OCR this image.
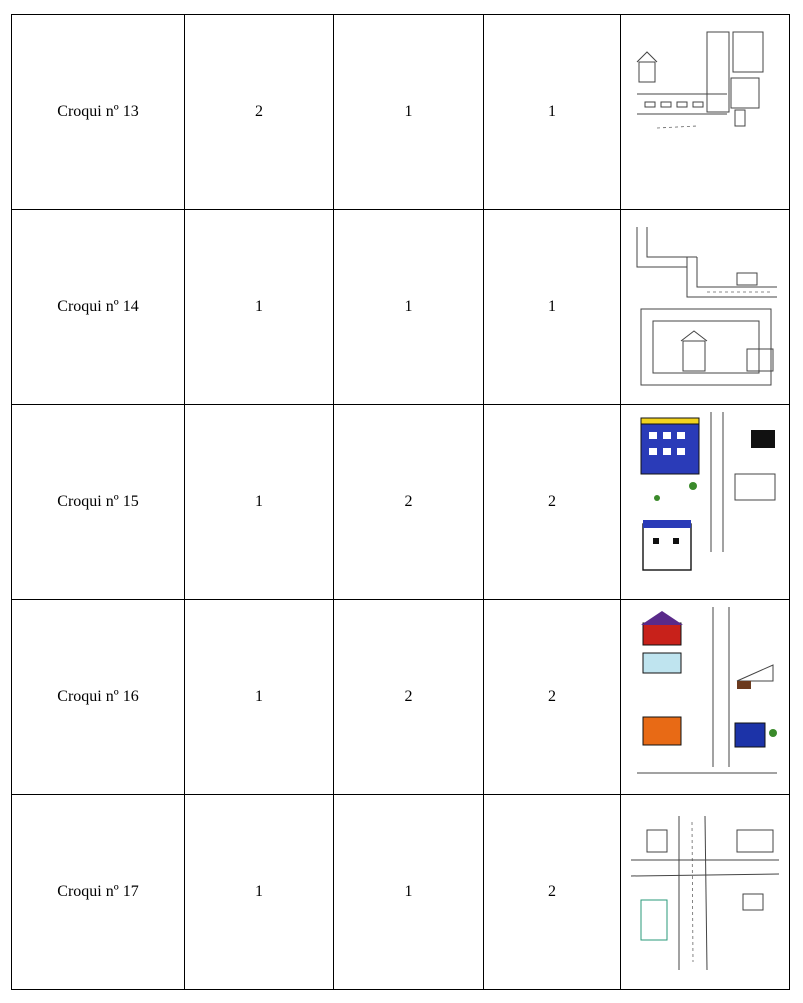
Croqui nº 13	2	1	1	

Croqui nº 14	1	1	1	

Croqui nº 15	1	2	2	

Croqui nº 16	1	2	2	

Croqui nº 17	1	1	2	
